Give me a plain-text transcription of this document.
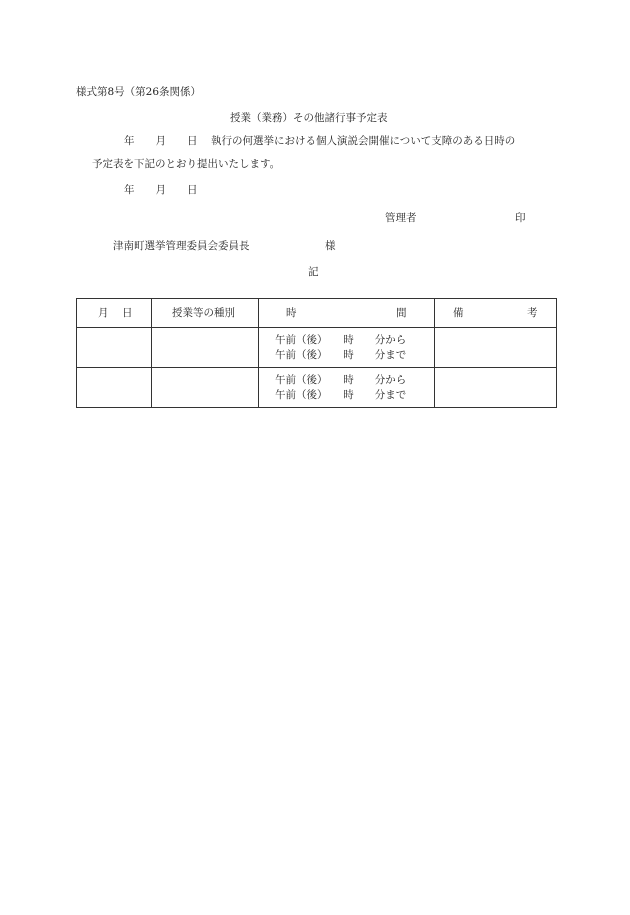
様式第8号（第26条関係）
授業（業務）その他諸行事予定表
年　　月　　日 執行の何選挙における個人演説会開催について支障のある日時の
予定表を下記のとおり提出いたします。
年　　月　　日
管理者	印
津南町選挙管理委員会委員長	様
記
月 日	授業等の種別	時 間	備 考

		午前（後）　　時　　分から
午前（後）　　時　　分まで	

		午前（後）　　時　　分から
午前（後）　　時　　分まで	
